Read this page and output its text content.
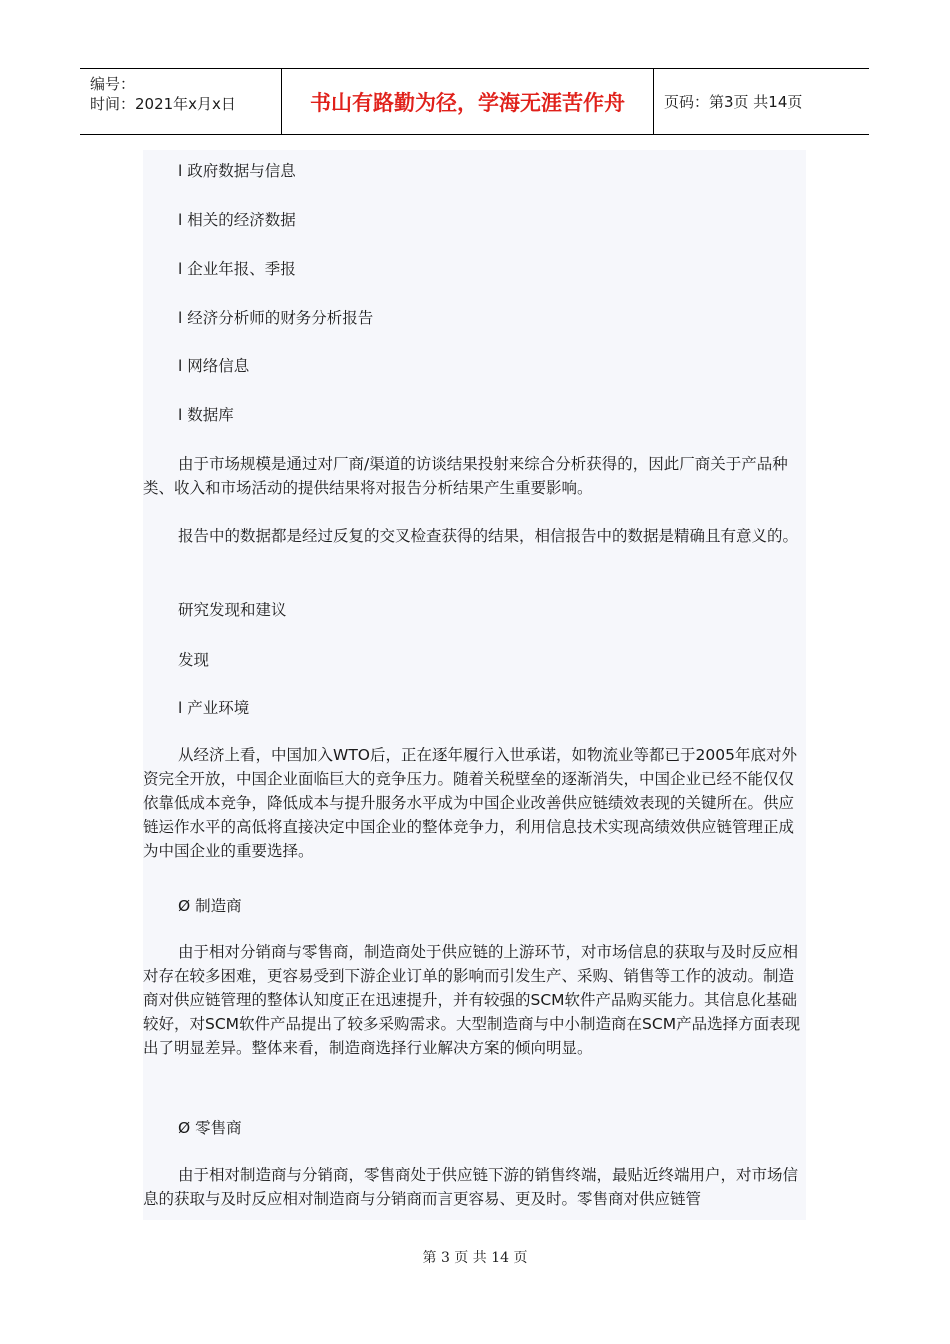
编号：
时间：2021年x月x日	书山有路勤为径，学海无涯苦作舟	页码：第3页 共14页

l 政府数据与信息

l 相关的经济数据

l 企业年报、季报

l 经济分析师的财务分析报告

l 网络信息

l 数据库

由于市场规模是通过对厂商/渠道的访谈结果投射来综合分析获得的，因此厂商关于产品种类、收入和市场活动的提供结果将对报告分析结果产生重要影响。

报告中的数据都是经过反复的交叉检查获得的结果，相信报告中的数据是精确且有意义的。

研究发现和建议

发现

l 产业环境

从经济上看，中国加入WTO后，正在逐年履行入世承诺，如物流业等都已于2005年底对外资完全开放，中国企业面临巨大的竞争压力。随着关税壁垒的逐渐消失，中国企业已经不能仅仅依靠低成本竞争，降低成本与提升服务水平成为中国企业改善供应链绩效表现的关键所在。供应链运作水平的高低将直接决定中国企业的整体竞争力，利用信息技术实现高绩效供应链管理正成为中国企业的重要选择。

Ø 制造商

由于相对分销商与零售商，制造商处于供应链的上游环节，对市场信息的获取与及时反应相对存在较多困难，更容易受到下游企业订单的影响而引发生产、采购、销售等工作的波动。制造商对供应链管理的整体认知度正在迅速提升，并有较强的SCM软件产品购买能力。其信息化基础较好，对SCM软件产品提出了较多采购需求。大型制造商与中小制造商在SCM产品选择方面表现出了明显差异。整体来看，制造商选择行业解决方案的倾向明显。

Ø 零售商

由于相对制造商与分销商，零售商处于供应链下游的销售终端，最贴近终端用户，对市场信息的获取与及时反应相对制造商与分销商而言更容易、更及时。零售商对供应链管

第 3 页 共 14 页
